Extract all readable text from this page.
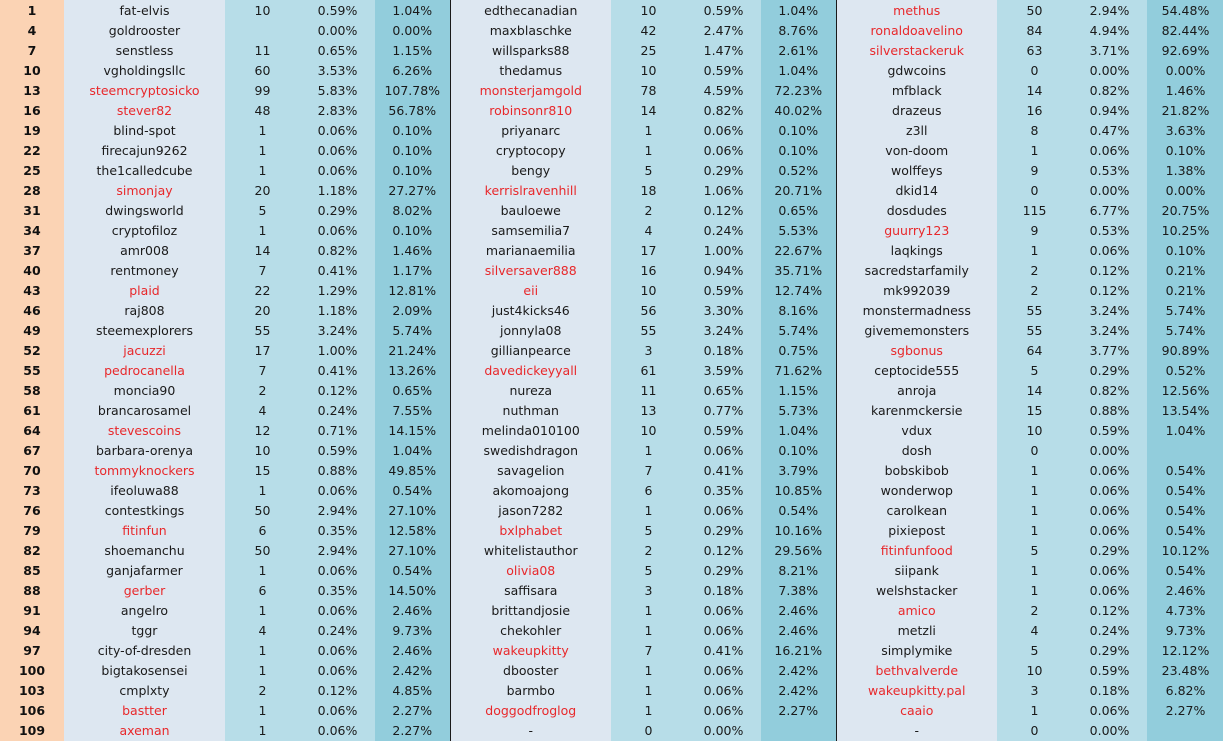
1	fat-elvis	10	0.59%	1.04%	edthecanadian	10	0.59%	1.04%	methus	50	2.94%	54.48%
4	goldrooster		0.00%	0.00%	maxblaschke	42	2.47%	8.76%	ronaldoavelino	84	4.94%	82.44%
7	senstless	11	0.65%	1.15%	willsparks88	25	1.47%	2.61%	silverstackeruk	63	3.71%	92.69%
10	vgholdingsllc	60	3.53%	6.26%	thedamus	10	0.59%	1.04%	gdwcoins	0	0.00%	0.00%
13	steemcryptosicko	99	5.83%	107.78%	monsterjamgold	78	4.59%	72.23%	mfblack	14	0.82%	1.46%
16	stever82	48	2.83%	56.78%	robinsonr810	14	0.82%	40.02%	drazeus	16	0.94%	21.82%
19	blind-spot	1	0.06%	0.10%	priyanarc	1	0.06%	0.10%	z3ll	8	0.47%	3.63%
22	firecajun9262	1	0.06%	0.10%	cryptocopy	1	0.06%	0.10%	von-doom	1	0.06%	0.10%
25	the1calledcube	1	0.06%	0.10%	bengy	5	0.29%	0.52%	wolffeys	9	0.53%	1.38%
28	simonjay	20	1.18%	27.27%	kerrislravenhill	18	1.06%	20.71%	dkid14	0	0.00%	0.00%
31	dwingsworld	5	0.29%	8.02%	bauloewe	2	0.12%	0.65%	dosdudes	115	6.77%	20.75%
34	cryptofiloz	1	0.06%	0.10%	samsemilia7	4	0.24%	5.53%	guurry123	9	0.53%	10.25%
37	amr008	14	0.82%	1.46%	marianaemilia	17	1.00%	22.67%	laqkings	1	0.06%	0.10%
40	rentmoney	7	0.41%	1.17%	silversaver888	16	0.94%	35.71%	sacredstarfamily	2	0.12%	0.21%
43	plaid	22	1.29%	12.81%	eii	10	0.59%	12.74%	mk992039	2	0.12%	0.21%
46	raj808	20	1.18%	2.09%	just4kicks46	56	3.30%	8.16%	monstermadness	55	3.24%	5.74%
49	steemexplorers	55	3.24%	5.74%	jonnyla08	55	3.24%	5.74%	givememonsters	55	3.24%	5.74%
52	jacuzzi	17	1.00%	21.24%	gillianpearce	3	0.18%	0.75%	sgbonus	64	3.77%	90.89%
55	pedrocanella	7	0.41%	13.26%	davedickeyyall	61	3.59%	71.62%	ceptocide555	5	0.29%	0.52%
58	moncia90	2	0.12%	0.65%	nureza	11	0.65%	1.15%	anroja	14	0.82%	12.56%
61	brancarosamel	4	0.24%	7.55%	nuthman	13	0.77%	5.73%	karenmckersie	15	0.88%	13.54%
64	stevescoins	12	0.71%	14.15%	melinda010100	10	0.59%	1.04%	vdux	10	0.59%	1.04%
67	barbara-orenya	10	0.59%	1.04%	swedishdragon	1	0.06%	0.10%	dosh	0	0.00%	
70	tommyknockers	15	0.88%	49.85%	savagelion	7	0.41%	3.79%	bobskibob	1	0.06%	0.54%
73	ifeoluwa88	1	0.06%	0.54%	akomoajong	6	0.35%	10.85%	wonderwop	1	0.06%	0.54%
76	contestkings	50	2.94%	27.10%	jason7282	1	0.06%	0.54%	carolkean	1	0.06%	0.54%
79	fitinfun	6	0.35%	12.58%	bxlphabet	5	0.29%	10.16%	pixiepost	1	0.06%	0.54%
82	shoemanchu	50	2.94%	27.10%	whitelistauthor	2	0.12%	29.56%	fitinfunfood	5	0.29%	10.12%
85	ganjafarmer	1	0.06%	0.54%	olivia08	5	0.29%	8.21%	siipank	1	0.06%	0.54%
88	gerber	6	0.35%	14.50%	saffisara	3	0.18%	7.38%	welshstacker	1	0.06%	2.46%
91	angelro	1	0.06%	2.46%	brittandjosie	1	0.06%	2.46%	amico	2	0.12%	4.73%
94	tggr	4	0.24%	9.73%	chekohler	1	0.06%	2.46%	metzli	4	0.24%	9.73%
97	city-of-dresden	1	0.06%	2.46%	wakeupkitty	7	0.41%	16.21%	simplymike	5	0.29%	12.12%
100	bigtakosensei	1	0.06%	2.42%	dbooster	1	0.06%	2.42%	bethvalverde	10	0.59%	23.48%
103	cmplxty	2	0.12%	4.85%	barmbo	1	0.06%	2.42%	wakeupkitty.pal	3	0.18%	6.82%
106	bastter	1	0.06%	2.27%	doggodfroglog	1	0.06%	2.27%	caaio	1	0.06%	2.27%
109	axeman	1	0.06%	2.27%	-	0	0.00%		-	0	0.00%	
